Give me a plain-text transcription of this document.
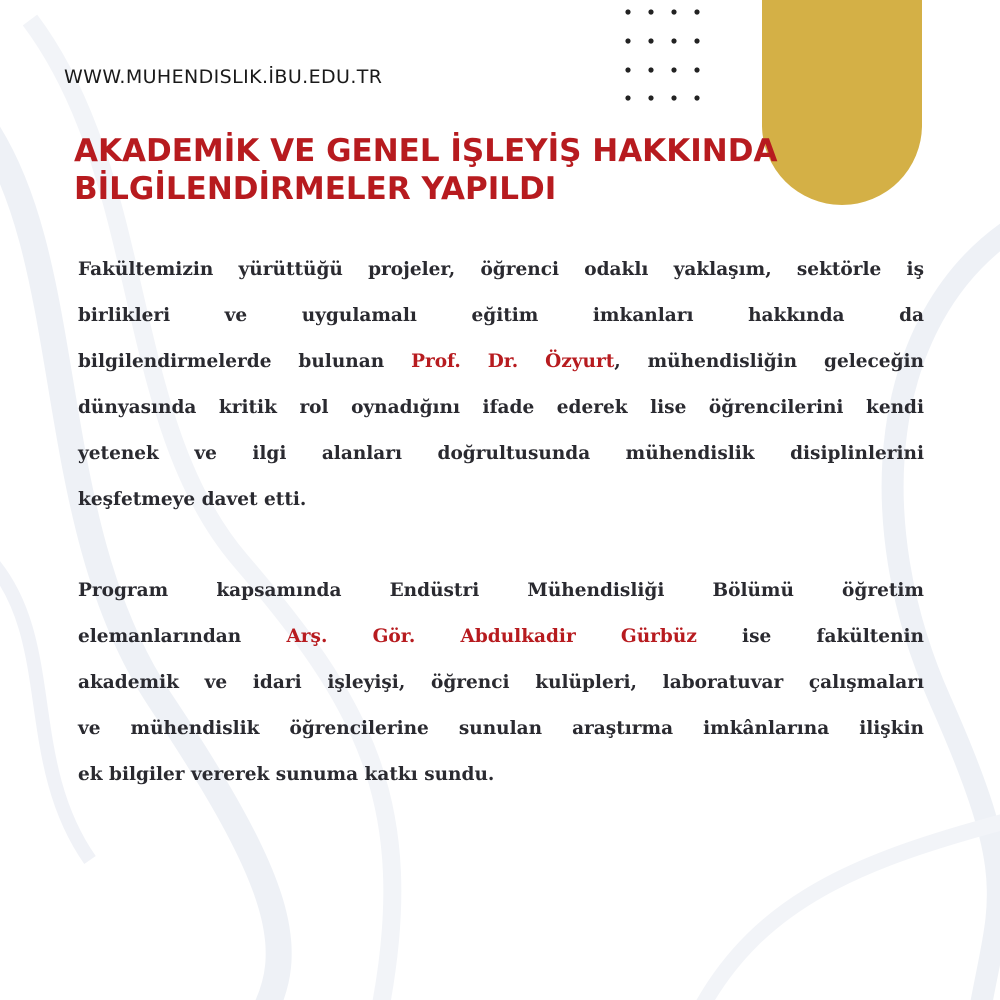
WWW.MUHENDISLIK.İBU.EDU.TR
AKADEMİK VE GENEL İŞLEYİŞ HAKKINDA
BİLGİLENDİRMELER YAPILDI

Fakültemizin yürüttüğü projeler, öğrenci odaklı yaklaşım, sektörle iş
birlikleri ve uygulamalı eğitim imkanları hakkında da
bilgilendirmelerde bulunan Prof. Dr. Özyurt, mühendisliğin geleceğin
dünyasında kritik rol oynadığını ifade ederek lise öğrencilerini kendi
yetenek ve ilgi alanları doğrultusunda mühendislik disiplinlerini
keşfetmeye davet etti.

Program kapsamında Endüstri Mühendisliği Bölümü öğretim
elemanlarından Arş. Gör. Abdulkadir Gürbüz ise fakültenin
akademik ve idari işleyişi, öğrenci kulüpleri, laboratuvar çalışmaları
ve mühendislik öğrencilerine sunulan araştırma imkânlarına ilişkin
ek bilgiler vererek sunuma katkı sundu.
